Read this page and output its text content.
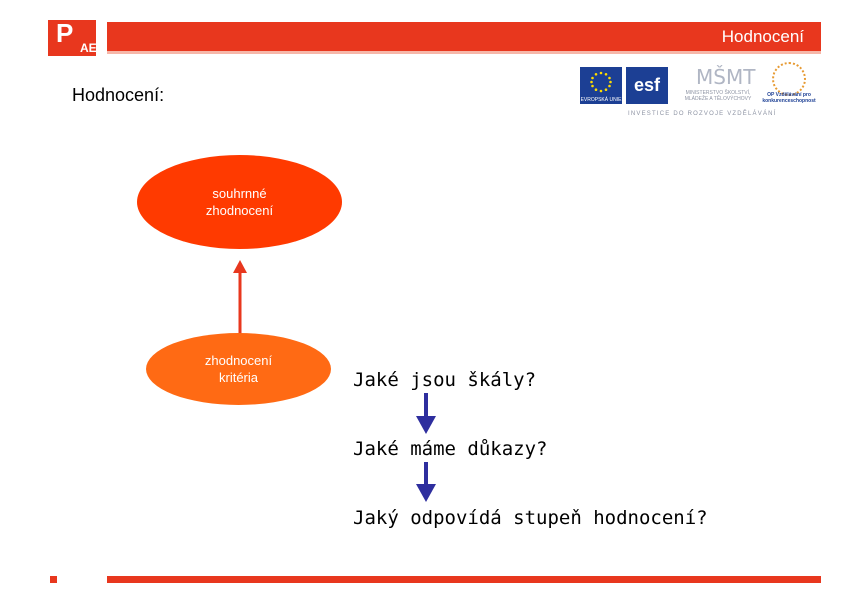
P AE
Hodnocení
EVROPSKÁ UNIE
esf	MŠMT
MINISTERSTVO ŠKOLSTVÍ, MLÁDEŽE A TĚLOVÝCHOVY
OP Vzdělávání pro konkurenceschopnost
INVESTICE DO ROZVOJE VZDĚLÁVÁNÍ
Hodnocení:
souhrnné
zhodnocení
zhodnocení
kritéria	Jaké jsou škály?
Jaké máme důkazy?
Jaký odpovídá stupeň hodnocení?
